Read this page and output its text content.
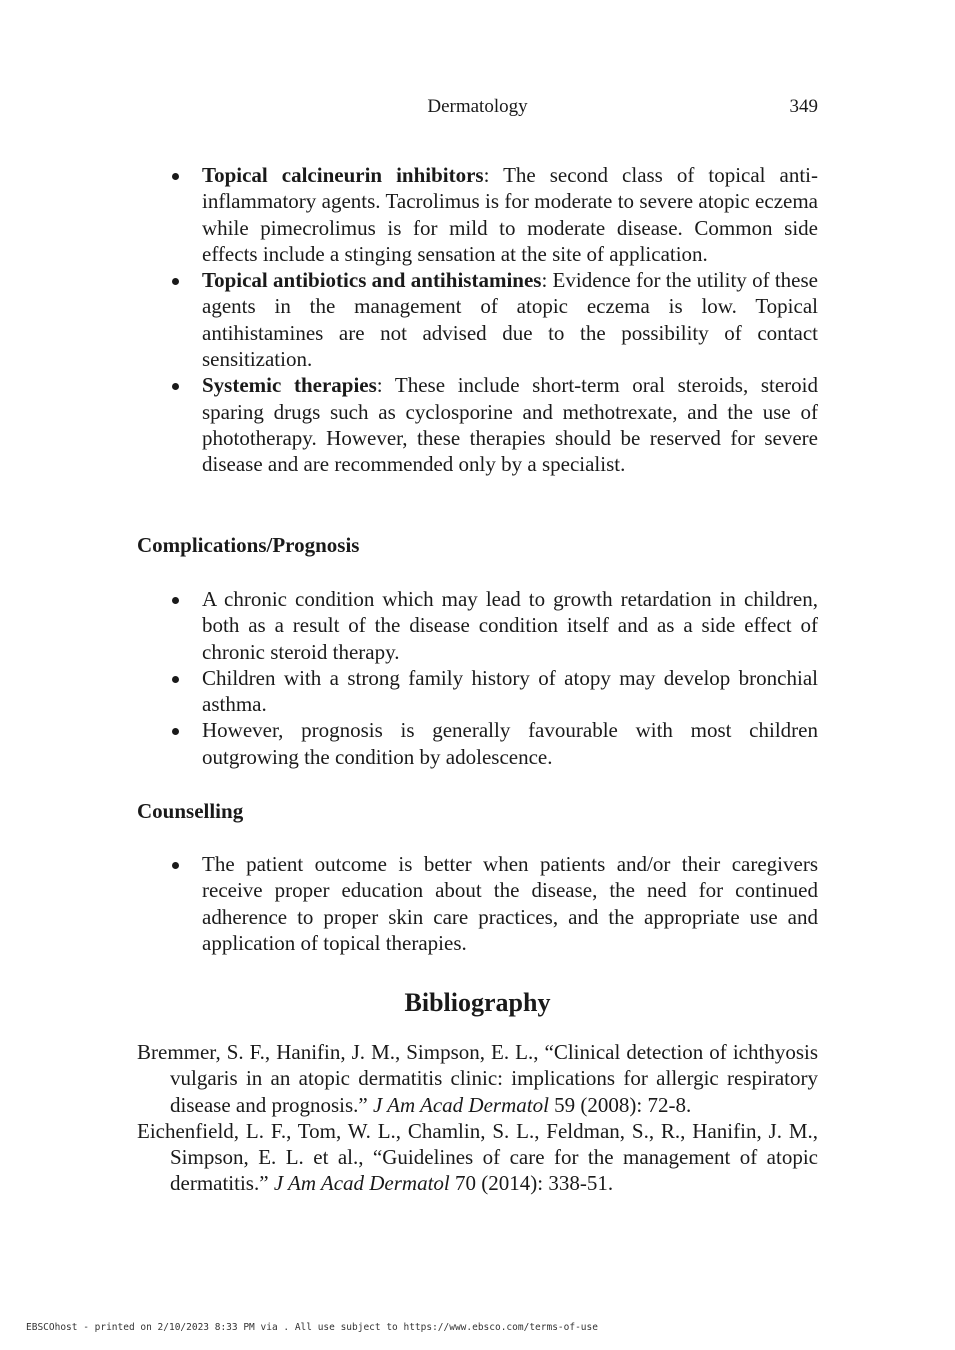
Dermatology	349
Topical calcineurin inhibitors: The second class of topical anti-inflammatory agents. Tacrolimus is for moderate to severe atopic eczema while pimecrolimus is for mild to moderate disease. Common side effects include a stinging sensation at the site of application.
Topical antibiotics and antihistamines: Evidence for the utility of these agents in the management of atopic eczema is low. Topical antihistamines are not advised due to the possibility of contact sensitization.
Systemic therapies: These include short-term oral steroids, steroid sparing drugs such as cyclosporine and methotrexate, and the use of phototherapy. However, these therapies should be reserved for severe disease and are recommended only by a specialist.
Complications/Prognosis
A chronic condition which may lead to growth retardation in children, both as a result of the disease condition itself and as a side effect of chronic steroid therapy.
Children with a strong family history of atopy may develop bronchial asthma.
However, prognosis is generally favourable with most children outgrowing the condition by adolescence.
Counselling
The patient outcome is better when patients and/or their caregivers receive proper education about the disease, the need for continued adherence to proper skin care practices, and the appropriate use and application of topical therapies.
Bibliography
Bremmer, S. F., Hanifin, J. M., Simpson, E. L., “Clinical detection of ichthyosis vulgaris in an atopic dermatitis clinic: implications for allergic respiratory disease and prognosis.” J Am Acad Dermatol 59 (2008): 72-8.
Eichenfield, L. F., Tom, W. L., Chamlin, S. L., Feldman, S., R., Hanifin, J. M., Simpson, E. L. et al., “Guidelines of care for the management of atopic dermatitis.” J Am Acad Dermatol 70 (2014): 338-51.
EBSCOhost - printed on 2/10/2023 8:33 PM via . All use subject to https://www.ebsco.com/terms-of-use
